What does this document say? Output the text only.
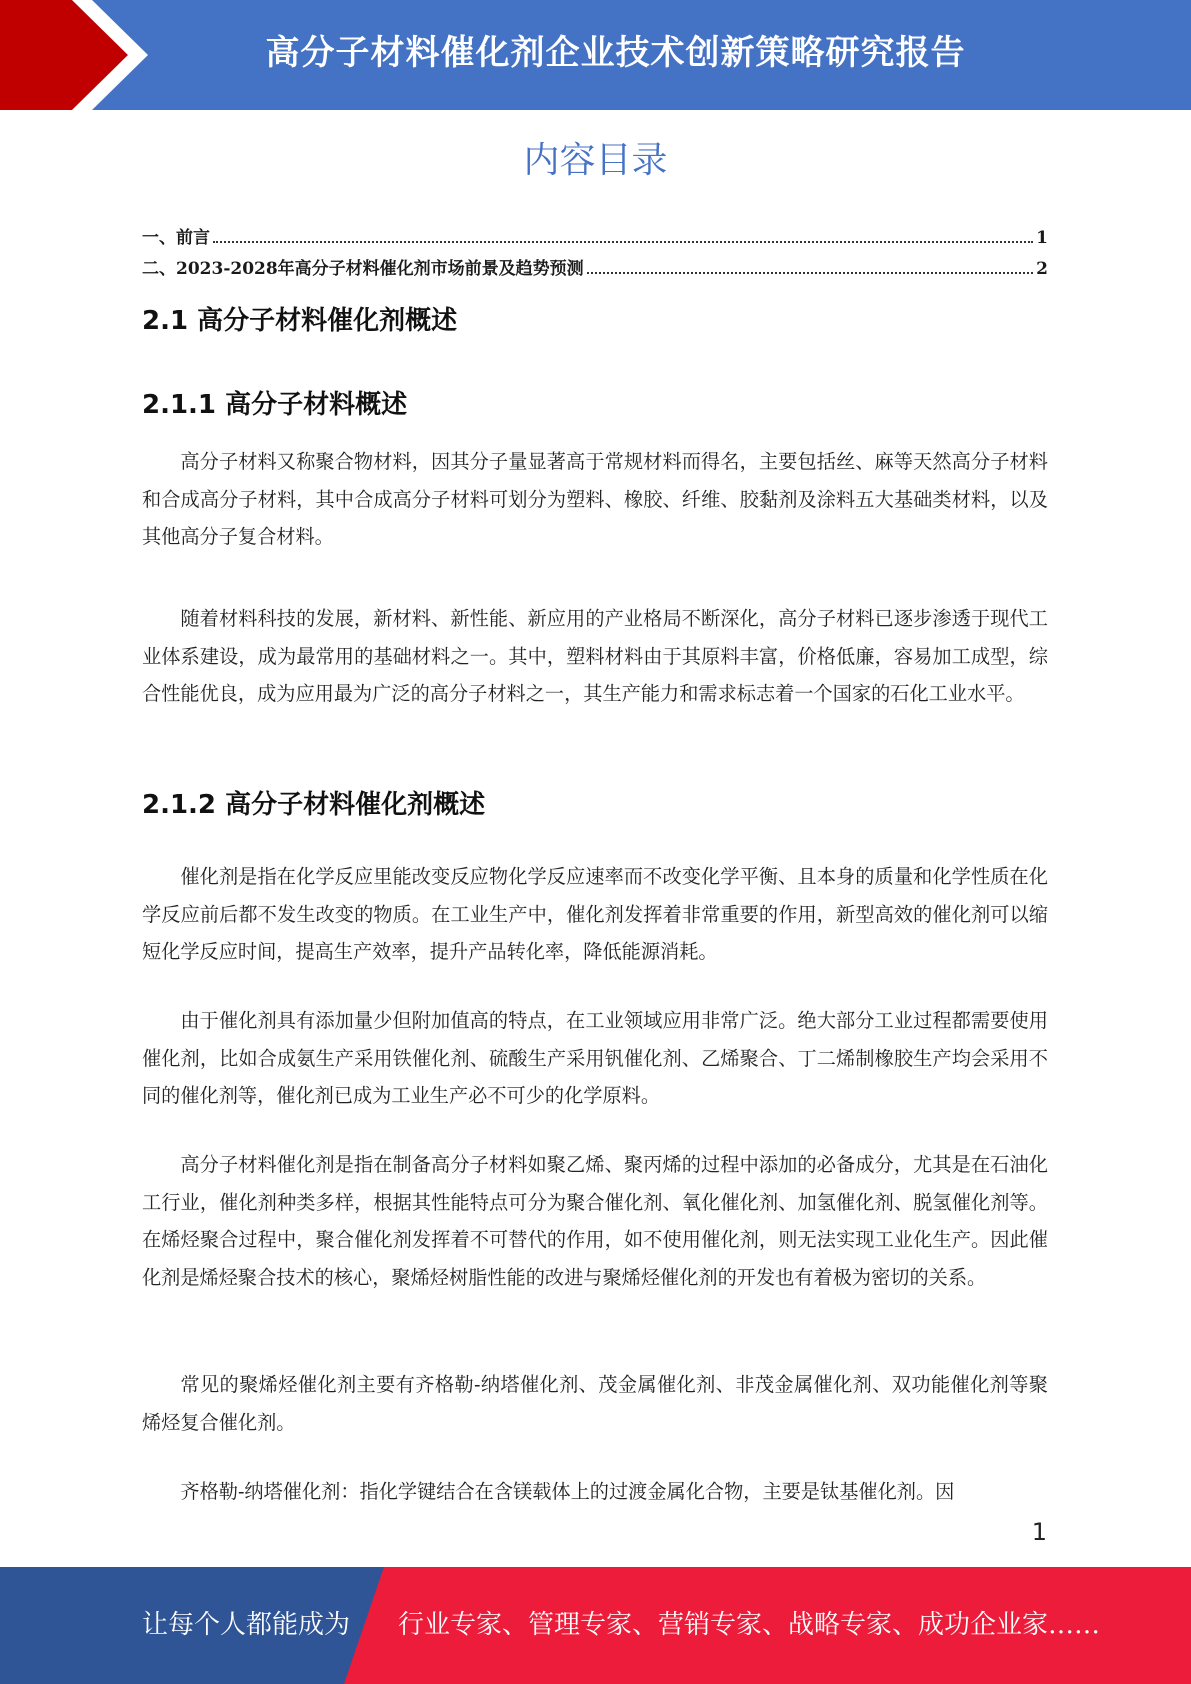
高分子材料催化剂企业技术创新策略研究报告
内容目录
一、前言	1
二、2023-2028年高分子材料催化剂市场前景及趋势预测	2
2.1 高分子材料催化剂概述
2.1.1 高分子材料概述

高分子材料又称聚合物材料，因其分子量显著高于常规材料而得名，主要包括丝、麻等天然高分子材料和合成高分子材料，其中合成高分子材料可划分为塑料、橡胶、纤维、胶黏剂及涂料五大基础类材料，以及其他高分子复合材料。

随着材料科技的发展，新材料、新性能、新应用的产业格局不断深化，高分子材料已逐步渗透于现代工业体系建设，成为最常用的基础材料之一。其中，塑料材料由于其原料丰富，价格低廉，容易加工成型，综合性能优良，成为应用最为广泛的高分子材料之一，其生产能力和需求标志着一个国家的石化工业水平。

2.1.2 高分子材料催化剂概述

催化剂是指在化学反应里能改变反应物化学反应速率而不改变化学平衡、且本身的质量和化学性质在化学反应前后都不发生改变的物质。在工业生产中，催化剂发挥着非常重要的作用，新型高效的催化剂可以缩短化学反应时间，提高生产效率，提升产品转化率，降低能源消耗。

由于催化剂具有添加量少但附加值高的特点，在工业领域应用非常广泛。绝大部分工业过程都需要使用催化剂，比如合成氨生产采用铁催化剂、硫酸生产采用钒催化剂、乙烯聚合、丁二烯制橡胶生产均会采用不同的催化剂等，催化剂已成为工业生产必不可少的化学原料。

高分子材料催化剂是指在制备高分子材料如聚乙烯、聚丙烯的过程中添加的必备成分，尤其是在石油化工行业，催化剂种类多样，根据其性能特点可分为聚合催化剂、氧化催化剂、加氢催化剂、脱氢催化剂等。在烯烃聚合过程中，聚合催化剂发挥着不可替代的作用，如不使用催化剂，则无法实现工业化生产。因此催化剂是烯烃聚合技术的核心，聚烯烃树脂性能的改进与聚烯烃催化剂的开发也有着极为密切的关系。

常见的聚烯烃催化剂主要有齐格勒-纳塔催化剂、茂金属催化剂、非茂金属催化剂、双功能催化剂等聚烯烃复合催化剂。

齐格勒-纳塔催化剂：指化学键结合在含镁载体上的过渡金属化合物，主要是钛基催化剂。因

1
让每个人都能成为 行业专家、管理专家、营销专家、战略专家、成功企业家……
